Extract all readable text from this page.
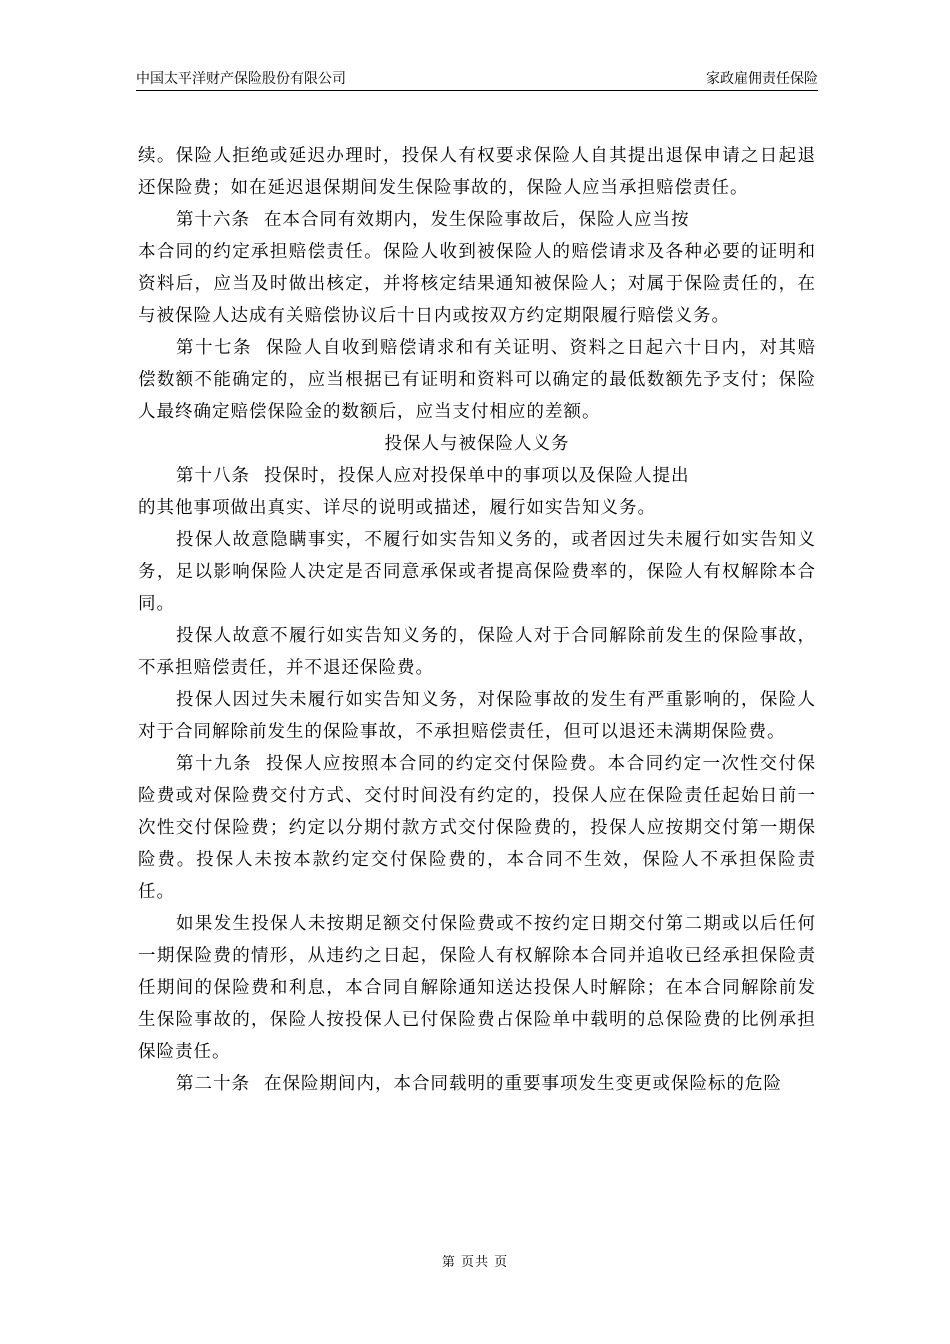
中国太平洋财产保险股份有限公司	家政雇佣责任保险

续。保险人拒绝或延迟办理时，投保人有权要求保险人自其提出退保申请之日起退还保险费；如在延迟退保期间发生保险事故的，保险人应当承担赔偿责任。

第十六条 在本合同有效期内，发生保险事故后，保险人应当按

本合同的约定承担赔偿责任。保险人收到被保险人的赔偿请求及各种必要的证明和资料后，应当及时做出核定，并将核定结果通知被保险人；对属于保险责任的，在与被保险人达成有关赔偿协议后十日内或按双方约定期限履行赔偿义务。

第十七条 保险人自收到赔偿请求和有关证明、资料之日起六十日内，对其赔偿数额不能确定的，应当根据已有证明和资料可以确定的最低数额先予支付；保险人最终确定赔偿保险金的数额后，应当支付相应的差额。

投保人与被保险人义务

第十八条 投保时，投保人应对投保单中的事项以及保险人提出

的其他事项做出真实、详尽的说明或描述，履行如实告知义务。

投保人故意隐瞒事实，不履行如实告知义务的，或者因过失未履行如实告知义务，足以影响保险人决定是否同意承保或者提高保险费率的，保险人有权解除本合同。

投保人故意不履行如实告知义务的，保险人对于合同解除前发生的保险事故，不承担赔偿责任，并不退还保险费。

投保人因过失未履行如实告知义务，对保险事故的发生有严重影响的，保险人对于合同解除前发生的保险事故，不承担赔偿责任，但可以退还未满期保险费。

第十九条 投保人应按照本合同的约定交付保险费。本合同约定一次性交付保险费或对保险费交付方式、交付时间没有约定的，投保人应在保险责任起始日前一次性交付保险费；约定以分期付款方式交付保险费的，投保人应按期交付第一期保险费。投保人未按本款约定交付保险费的，本合同不生效，保险人不承担保险责任。

如果发生投保人未按期足额交付保险费或不按约定日期交付第二期或以后任何一期保险费的情形，从违约之日起，保险人有权解除本合同并追收已经承担保险责任期间的保险费和利息，本合同自解除通知送达投保人时解除；在本合同解除前发生保险事故的，保险人按投保人已付保险费占保险单中载明的总保险费的比例承担保险责任。

第二十条 在保险期间内，本合同载明的重要事项发生变更或保险标的危险

第 页共 页
